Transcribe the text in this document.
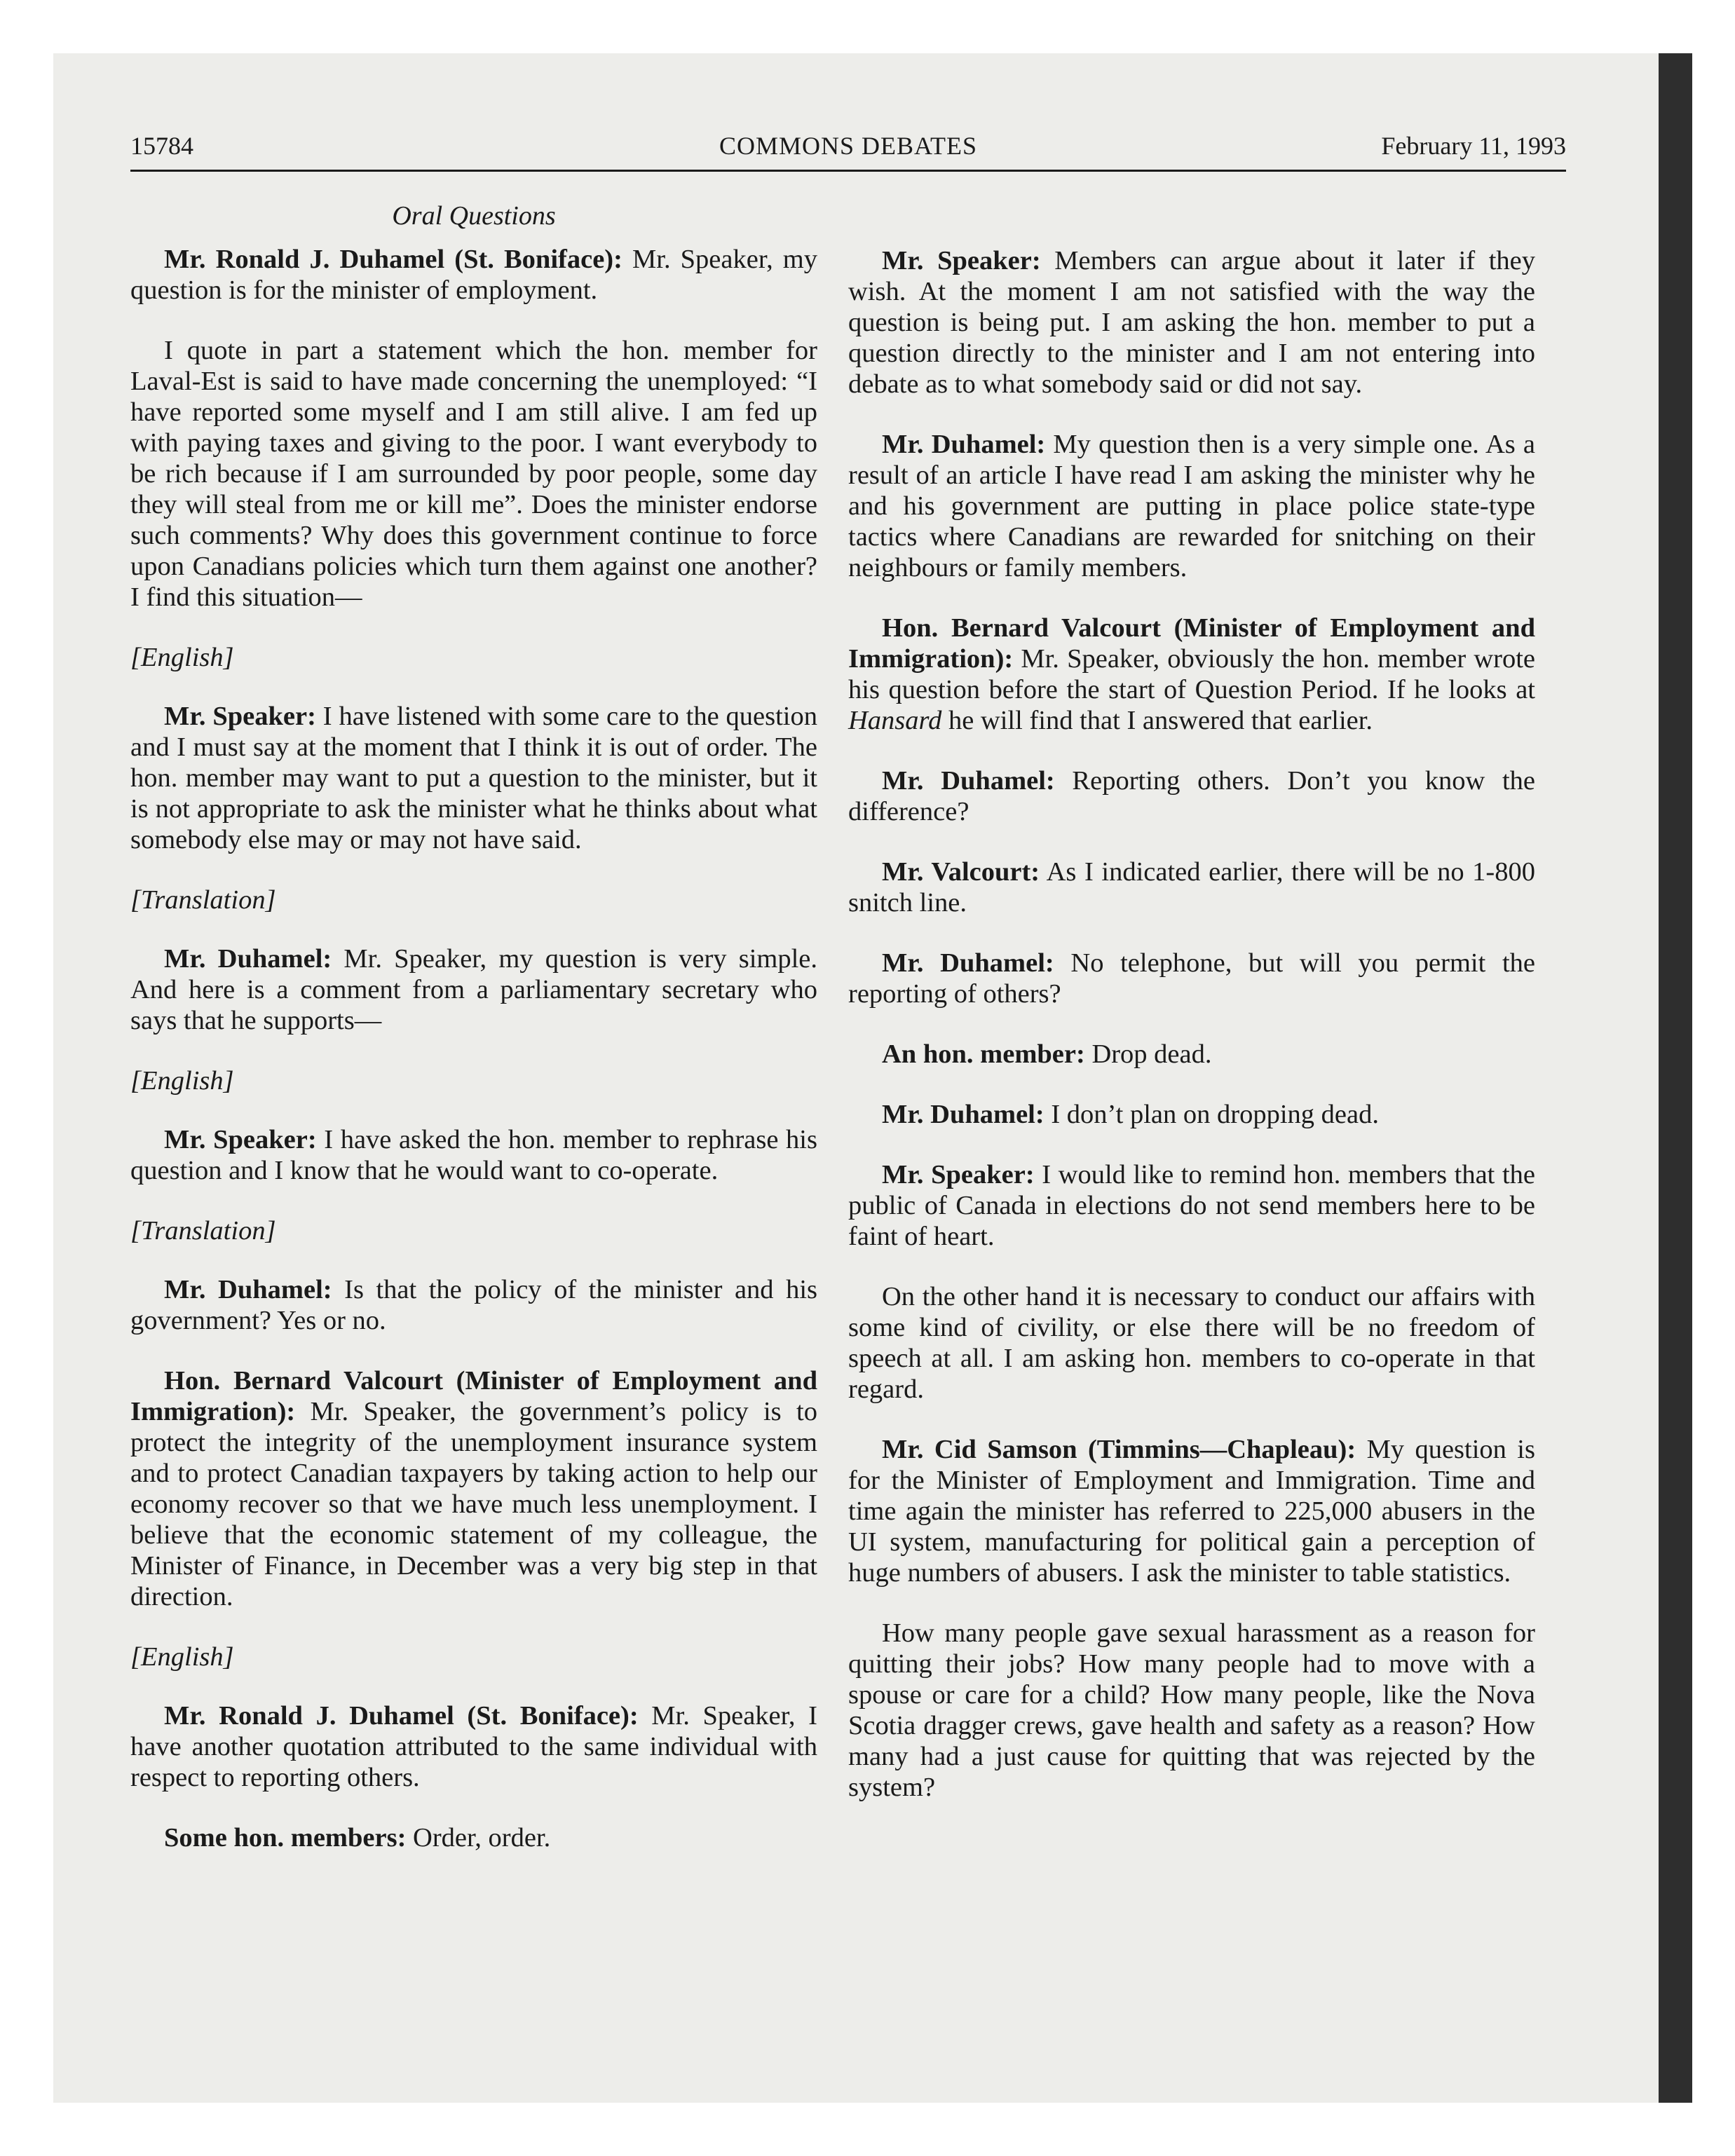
15784	COMMONS DEBATES	February 11, 1993
Oral Questions

Mr. Ronald J. Duhamel (St. Boniface): Mr. Speaker, my question is for the minister of employment.

I quote in part a statement which the hon. member for Laval-Est is said to have made concerning the unemployed: “I have reported some myself and I am still alive. I am fed up with paying taxes and giving to the poor. I want everybody to be rich because if I am surrounded by poor people, some day they will steal from me or kill me”. Does the minister endorse such comments? Why does this government continue to force upon Canadians policies which turn them against one another? I find this situation—

[English]

Mr. Speaker: I have listened with some care to the question and I must say at the moment that I think it is out of order. The hon. member may want to put a question to the minister, but it is not appropriate to ask the minister what he thinks about what somebody else may or may not have said.

[Translation]

Mr. Duhamel: Mr. Speaker, my question is very simple. And here is a comment from a parliamentary secretary who says that he supports—

[English]

Mr. Speaker: I have asked the hon. member to rephrase his question and I know that he would want to co-operate.

[Translation]

Mr. Duhamel: Is that the policy of the minister and his government? Yes or no.

Hon. Bernard Valcourt (Minister of Employment and Immigration): Mr. Speaker, the government’s policy is to protect the integrity of the unemployment insurance system and to protect Canadian taxpayers by taking action to help our economy recover so that we have much less unemployment. I believe that the economic statement of my colleague, the Minister of Finance, in December was a very big step in that direction.

[English]

Mr. Ronald J. Duhamel (St. Boniface): Mr. Speaker, I have another quotation attributed to the same individual with respect to reporting others.

Some hon. members: Order, order.

Mr. Speaker: Members can argue about it later if they wish. At the moment I am not satisfied with the way the question is being put. I am asking the hon. member to put a question directly to the minister and I am not entering into debate as to what somebody said or did not say.

Mr. Duhamel: My question then is a very simple one. As a result of an article I have read I am asking the minister why he and his government are putting in place police state-type tactics where Canadians are rewarded for snitching on their neighbours or family members.

Hon. Bernard Valcourt (Minister of Employment and Immigration): Mr. Speaker, obviously the hon. member wrote his question before the start of Question Period. If he looks at Hansard he will find that I answered that earlier.

Mr. Duhamel: Reporting others. Don’t you know the difference?

Mr. Valcourt: As I indicated earlier, there will be no 1-800 snitch line.

Mr. Duhamel: No telephone, but will you permit the reporting of others?

An hon. member: Drop dead.

Mr. Duhamel: I don’t plan on dropping dead.

Mr. Speaker: I would like to remind hon. members that the public of Canada in elections do not send members here to be faint of heart.

On the other hand it is necessary to conduct our affairs with some kind of civility, or else there will be no freedom of speech at all. I am asking hon. members to co-operate in that regard.

Mr. Cid Samson (Timmins—Chapleau): My question is for the Minister of Employment and Immigration. Time and time again the minister has referred to 225,000 abusers in the UI system, manufacturing for political gain a perception of huge numbers of abusers. I ask the minister to table statistics.

How many people gave sexual harassment as a reason for quitting their jobs? How many people had to move with a spouse or care for a child? How many people, like the Nova Scotia dragger crews, gave health and safety as a reason? How many had a just cause for quitting that was rejected by the system?
